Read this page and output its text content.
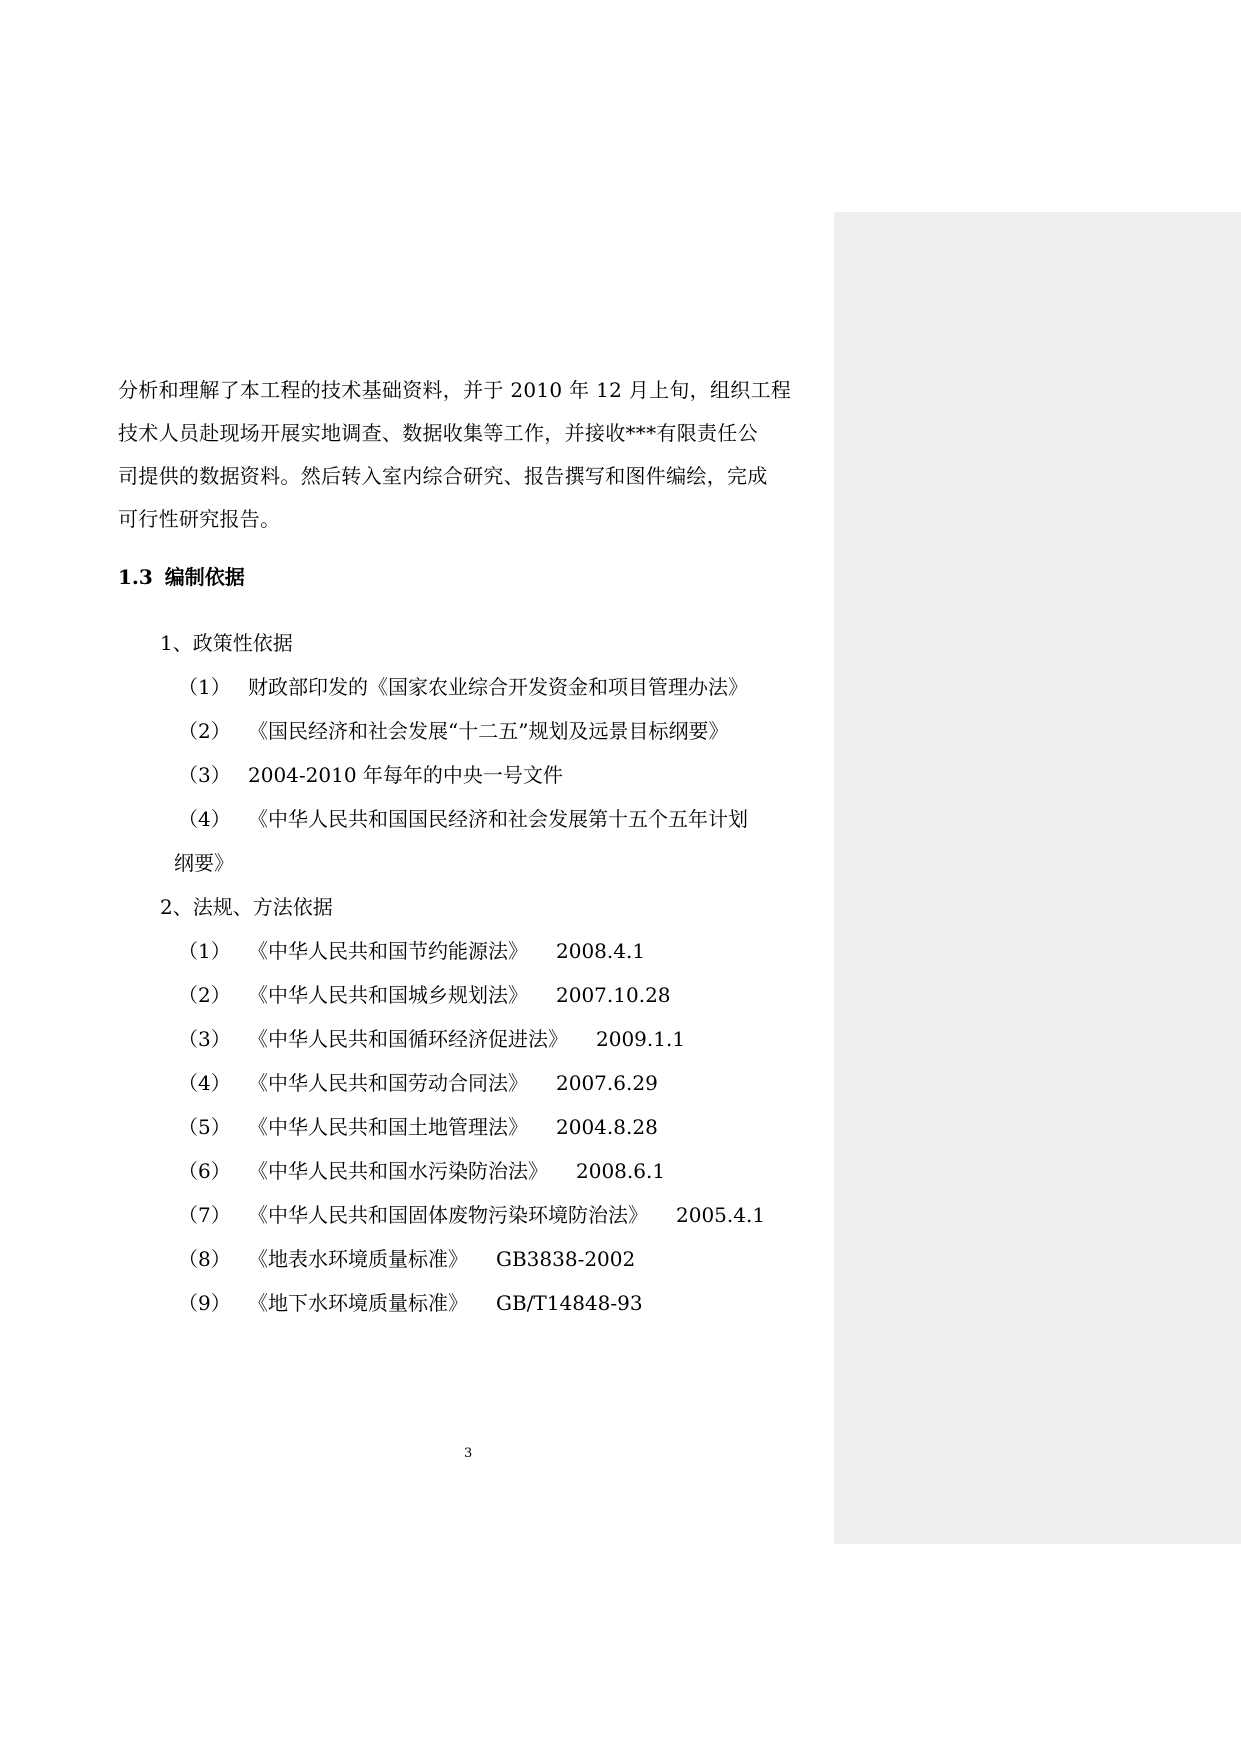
分析和理解了本工程的技术基础资料，并于 2010 年 12 月上旬，组织工程
技术人员赴现场开展实地调查、数据收集等工作，并接收***有限责任公
司提供的数据资料。然后转入室内综合研究、报告撰写和图件编绘，完成
可行性研究报告。
1.3 编制依据
1、政策性依据
（1） 财政部印发的《国家农业综合开发资金和项目管理办法》
（2） 《国民经济和社会发展“十二五”规划及远景目标纲要》
（3） 2004-2010 年每年的中央一号文件
（4） 《中华人民共和国国民经济和社会发展第十五个五年计划
纲要》
2、法规、方法依据
（1） 《中华人民共和国节约能源法》 2008.4.1
（2） 《中华人民共和国城乡规划法》 2007.10.28
（3） 《中华人民共和国循环经济促进法》 2009.1.1
（4） 《中华人民共和国劳动合同法》 2007.6.29
（5） 《中华人民共和国土地管理法》 2004.8.28
（6） 《中华人民共和国水污染防治法》 2008.6.1
（7） 《中华人民共和国固体废物污染环境防治法》 2005.4.1
（8） 《地表水环境质量标准》 GB3838-2002
（9） 《地下水环境质量标准》 GB/T14848-93
3
